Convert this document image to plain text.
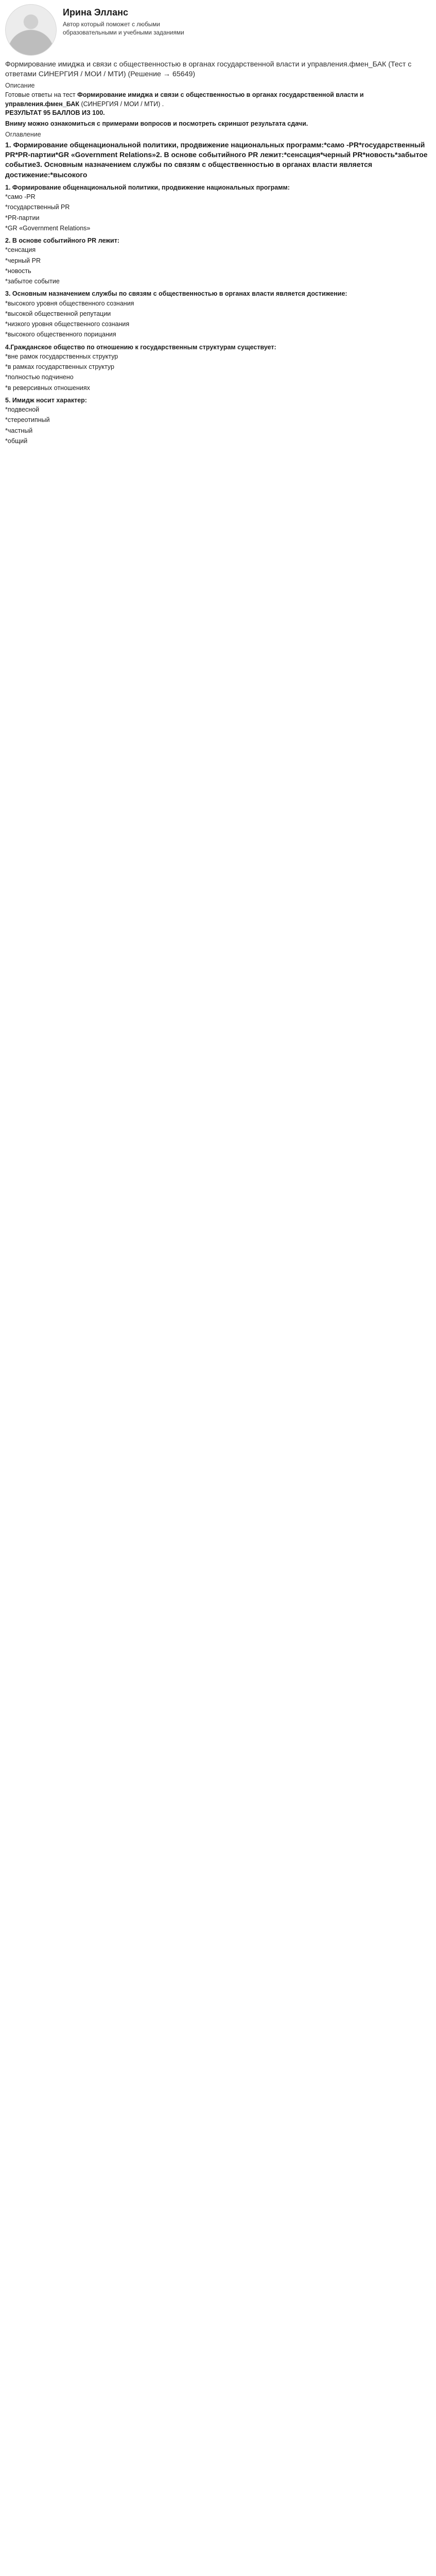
Ирина Элланс
Автор который поможет с любыми образовательными и учебными заданиями
Формирование имиджа и связи с общественностью в органах государственной власти и управления.фмен_БАК (Тест с ответами СИНЕРГИЯ / МОИ / МТИ) (Решение → 65649)
Описание

Готовые ответы на тест Формирование имиджа и связи с общественностью в органах государственной власти и управления.фмен_БАК (СИНЕРГИЯ / МОИ / МТИ) .

РЕЗУЛЬТАТ 95 БАЛЛОВ ИЗ 100.

Вниму можно ознакомиться с примерами вопросов и посмотреть скриншот результата сдачи.

Оглавление

1. Формирование общенациональной политики, продвижение национальных программ:*само -PR*государственный PR*PR-партии*GR «Government Relations»2. В основе событийного PR лежит:*сенсация*черный PR*новость*забытое событие3. Основным назначением службы по связям с общественностью в органах власти является достижение:*высокого

1. Формирование общенациональной политики, продвижение национальных программ:
*само -PR
*государственный PR
*PR-партии
*GR «Government Relations»
2. В основе событийного PR лежит:
*сенсация
*черный PR
*новость
*забытое событие
3. Основным назначением службы по связям с общественностью в органах власти является достижение:
*высокого уровня общественного сознания
*высокой общественной репутации
*низкого уровня общественного сознания
*высокого общественного порицания
4.Гражданское общество по отношению к государственным структурам существует:
*вне рамок государственных структур
*в рамках государственных структур
*полностью подчинено
*в реверсивных отношениях
5. Имидж носит характер:
*подвесной
*стереотипный
*частный
*общий
